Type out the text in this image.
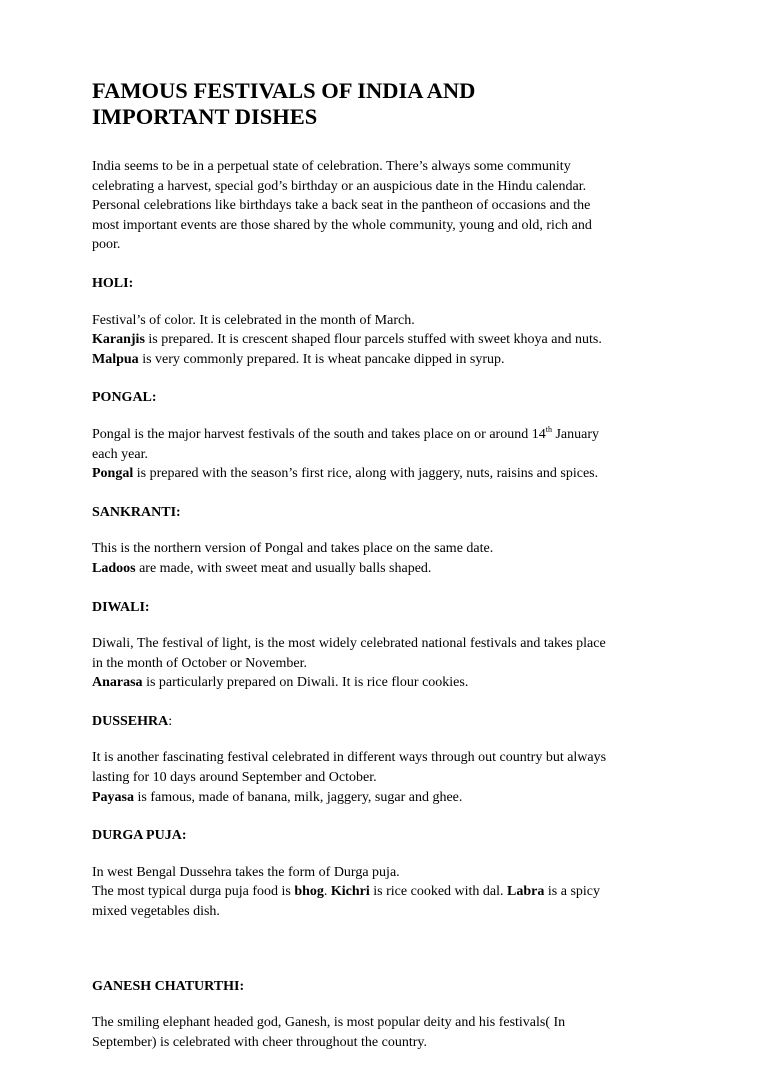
FAMOUS FESTIVALS OF INDIA AND
IMPORTANT DISHES

India seems to be in a perpetual state of celebration. There’s always some community
celebrating a harvest, special god’s birthday or an auspicious date in the Hindu calendar.
Personal celebrations like birthdays take a back seat in the pantheon of occasions and the
most important events are those shared by the whole community, young and old, rich and
poor.

HOLI:

Festival’s of color. It is celebrated in the month of March.
Karanjis is prepared. It is crescent shaped flour parcels stuffed with sweet khoya and nuts.
Malpua is very commonly prepared. It is wheat pancake dipped in syrup.

PONGAL:

Pongal is the major harvest festivals of the south and takes place on or around 14th January
each year.
Pongal is prepared with the season’s first rice, along with jaggery, nuts, raisins and spices.

SANKRANTI:

This is the northern version of Pongal and takes place on the same date.
Ladoos are made, with sweet meat and usually balls shaped.

DIWALI:

Diwali, The festival of light, is the most widely celebrated national festivals and takes place
in the month of October or November.
Anarasa is particularly prepared on Diwali. It is rice flour cookies.

DUSSEHRA:

It is another fascinating festival celebrated in different ways through out country but always
lasting for 10 days around September and October.
Payasa is famous, made of banana, milk, jaggery, sugar and ghee.

DURGA PUJA:

In west Bengal Dussehra takes the form of Durga puja.
The most typical durga puja food is bhog. Kichri is rice cooked with dal. Labra is a spicy
mixed vegetables dish.

GANESH CHATURTHI:

The smiling elephant headed god, Ganesh, is most popular deity and his festivals( In
September) is celebrated with cheer throughout the country.
